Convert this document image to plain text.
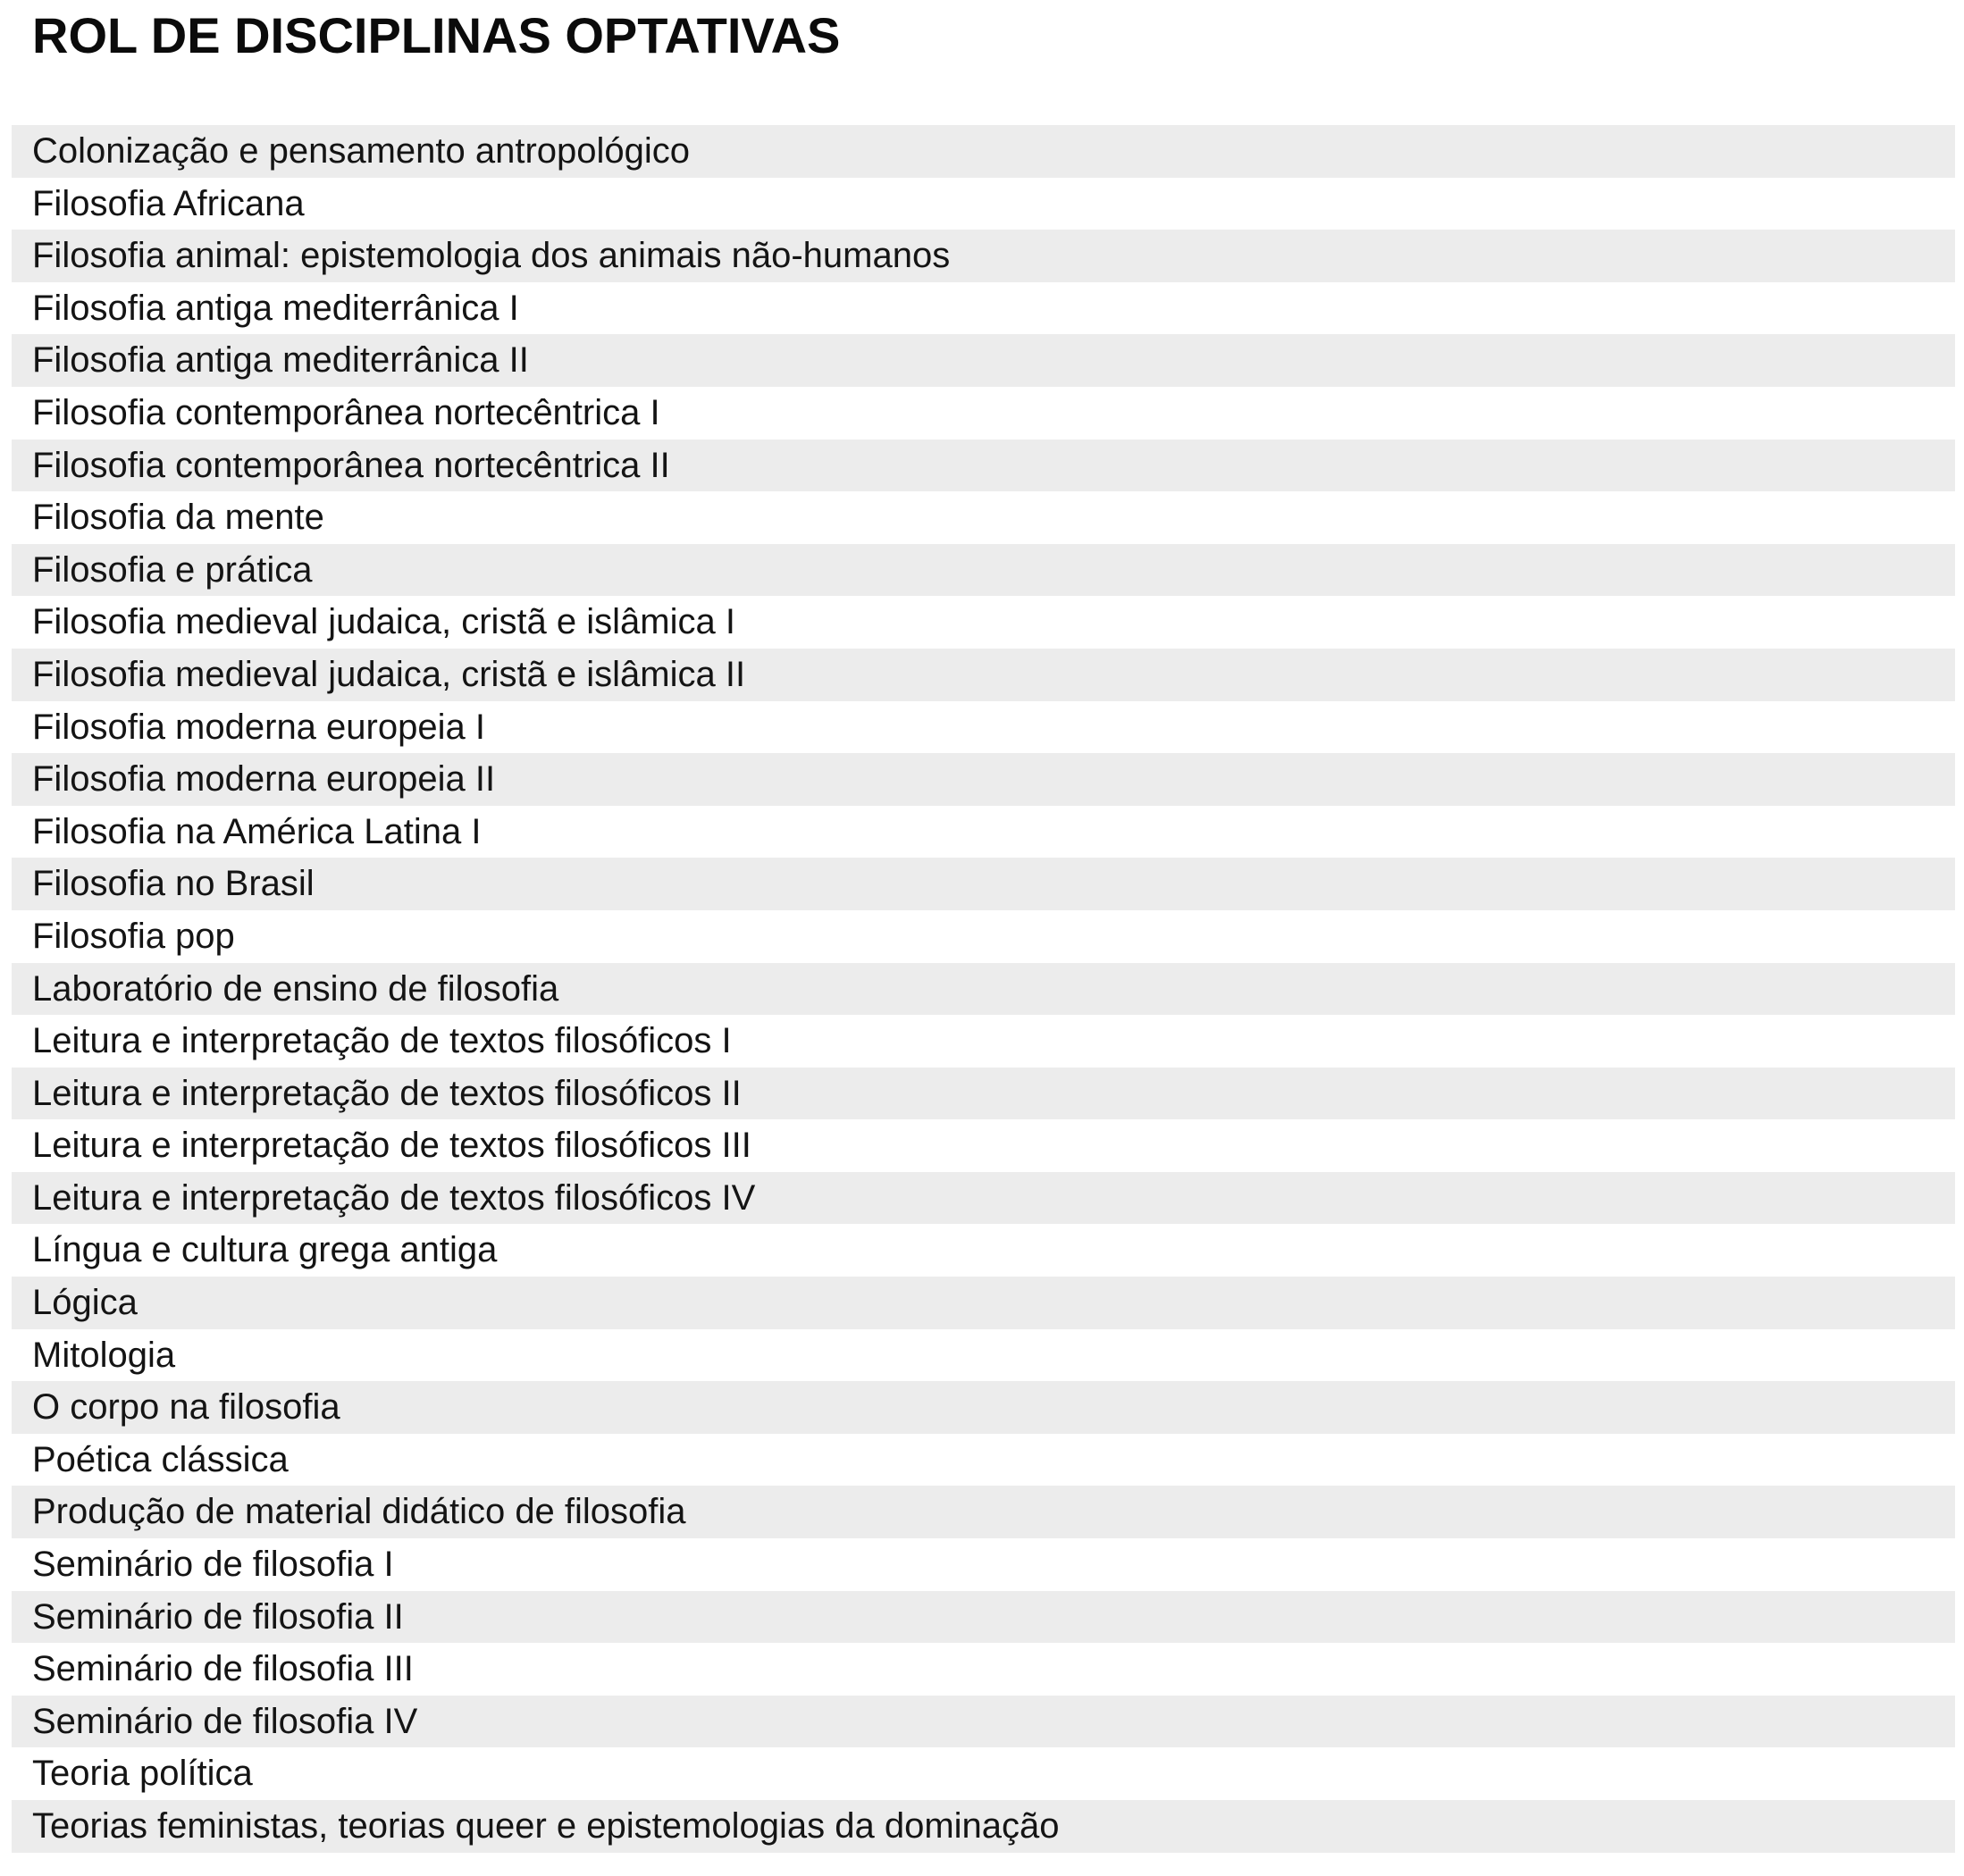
ROL DE DISCIPLINAS OPTATIVAS
Colonização e pensamento antropológico
Filosofia Africana
Filosofia animal: epistemologia dos animais não-humanos
Filosofia antiga mediterrânica I
Filosofia antiga mediterrânica II
Filosofia contemporânea nortecêntrica I
Filosofia contemporânea nortecêntrica II
Filosofia da mente
Filosofia e prática
Filosofia medieval judaica, cristã e islâmica I
Filosofia medieval judaica, cristã e islâmica II
Filosofia moderna europeia I
Filosofia moderna europeia II
Filosofia na América Latina I
Filosofia no Brasil
Filosofia pop
Laboratório de ensino de filosofia
Leitura e interpretação de textos filosóficos I
Leitura e interpretação de textos filosóficos II
Leitura e interpretação de textos filosóficos III
Leitura e interpretação de textos filosóficos IV
Língua e cultura grega antiga
Lógica
Mitologia
O corpo na filosofia
Poética clássica
Produção de material didático de filosofia
Seminário de filosofia I
Seminário de filosofia II
Seminário de filosofia III
Seminário de filosofia IV
Teoria política
Teorias feministas, teorias queer e epistemologias da dominação
